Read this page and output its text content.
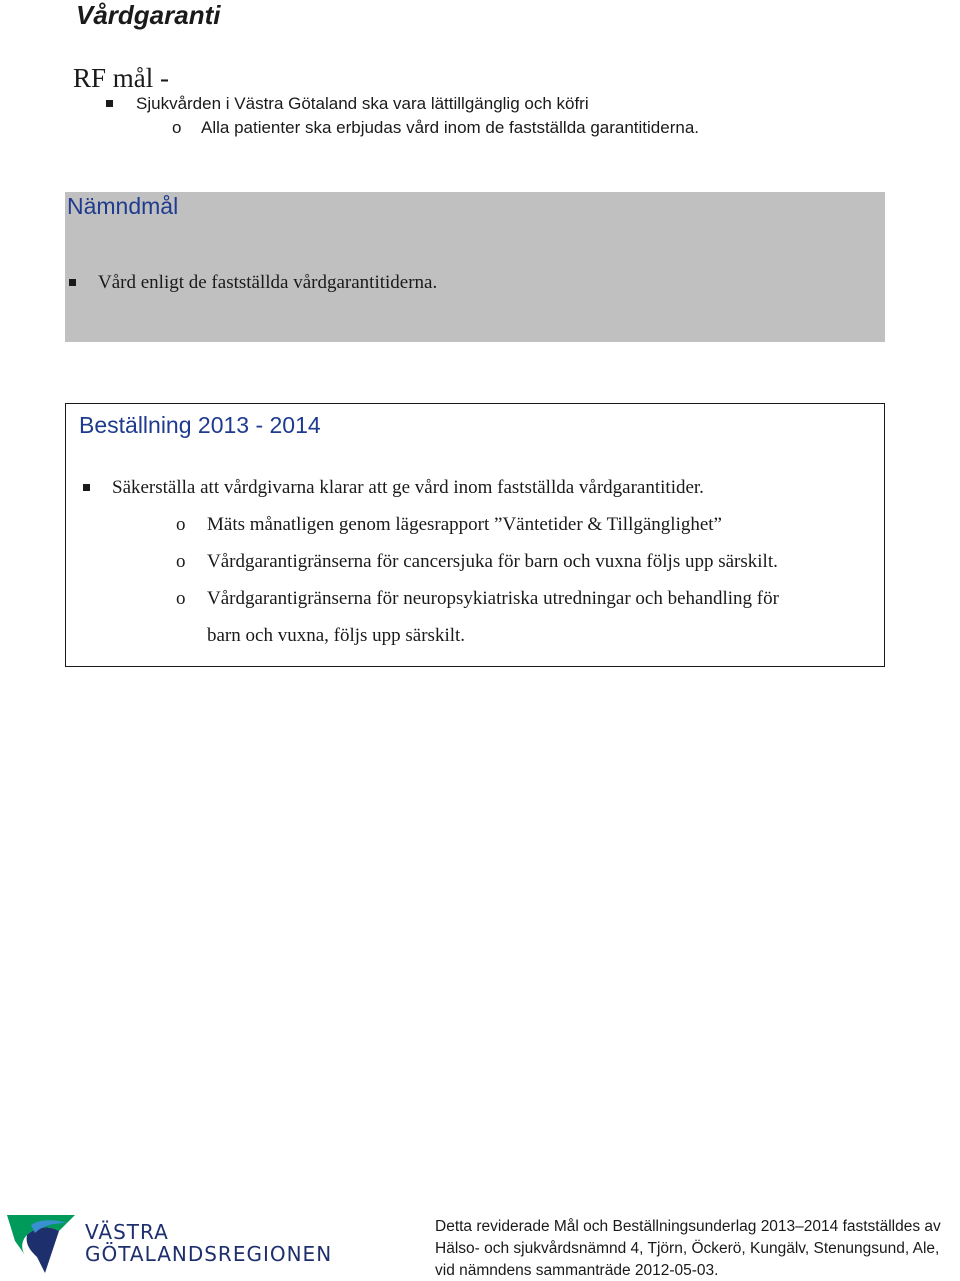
Vårdgaranti
RF mål -
Sjukvården i Västra Götaland ska vara lättillgänglig och köfri
o Alla patienter ska erbjudas vård inom de fastställda garantitiderna.
Nämndmål
Vård enligt de fastställda vårdgarantitiderna.
Beställning 2013 - 2014
Säkerställa att vårdgivarna klarar att ge vård inom fastställda vårdgarantitider.
o Mäts månatligen genom lägesrapport ”Väntetider & Tillgänglighet”
o Vårdgarantigränserna för cancersjuka för barn och vuxna följs upp särskilt.
o Vårdgarantigränserna för neuropsykiatriska utredningar och behandling för
barn och vuxna, följs upp särskilt.
VÄSTRA
GÖTALANDSREGIONEN
Detta reviderade Mål och Beställningsunderlag 2013–2014 fastställdes av
Hälso- och sjukvårdsnämnd 4, Tjörn, Öckerö, Kungälv, Stenungsund, Ale,
vid nämndens sammanträde 2012-05-03.
